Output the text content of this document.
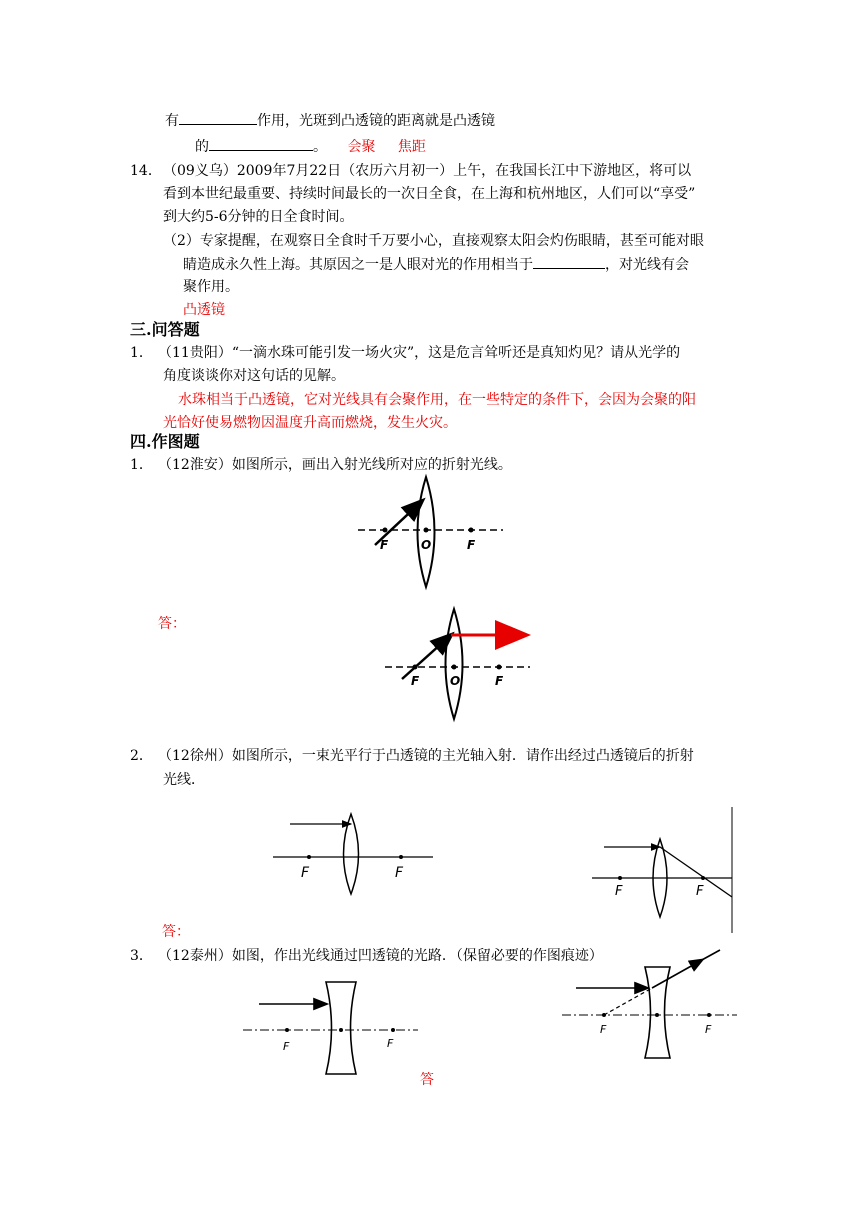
有	作用，光斑到凸透镜的距离就是凸透镜
的	。 会聚 焦距
14． （09义乌）2009年7月22日（农历六月初一）上午，在我国长江中下游地区，将可以
看到本世纪最重要、持续时间最长的一次日全食，在上海和杭州地区，人们可以“享受”
到大约5-6分钟的日全食时间。
（2）专家提醒，在观察日全食时千万要小心，直接观察太阳会灼伤眼睛，甚至可能对眼
睛造成永久性上海。其原因之一是人眼对光的作用相当于	，对光线有会
聚作用。
凸透镜
三.问答题
1． （11贵阳）“一滴水珠可能引发一场火灾”，这是危言耸听还是真知灼见？请从光学的
角度谈谈你对这句话的见解。
水珠相当于凸透镜，它对光线具有会聚作用，在一些特定的条件下，会因为会聚的阳
光恰好使易燃物因温度升高而燃烧，发生火灾。
四.作图题
1． （12淮安）如图所示，画出入射光线所对应的折射光线。
F	O	F
答：
F	O	F
2． （12徐州）如图所示，一束光平行于凸透镜的主光轴入射．请作出经过凸透镜后的折射
光线．
F	F
F	F
答：
3． （12泰州）如图，作出光线通过凹透镜的光路．（保留必要的作图痕迹）
F	F
答
F	F
